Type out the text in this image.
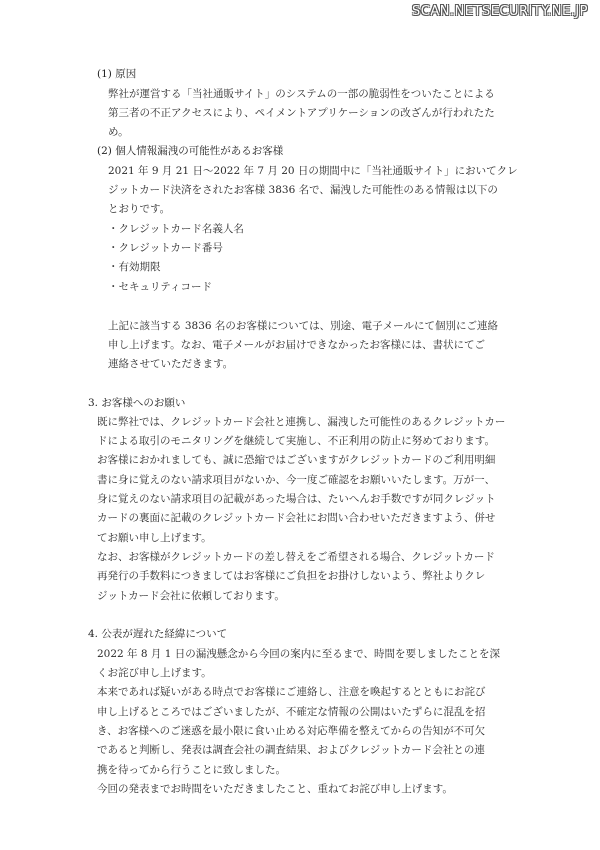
SCAN.NETSECURITY.NE.JP
(1) 原因
弊社が運営する「当社通販サイト」のシステムの一部の脆弱性をついたことによる
第三者の不正アクセスにより、ペイメントアプリケーションの改ざんが行われたた
め。
(2) 個人情報漏洩の可能性があるお客様
2021 年 9 月 21 日～2022 年 7 月 20 日の期間中に「当社通販サイト」においてクレ
ジットカード決済をされたお客様 3836 名で、漏洩した可能性のある情報は以下の
とおりです。
・クレジットカード名義人名
・クレジットカード番号
・有効期限
・セキュリティコード
上記に該当する 3836 名のお客様については、別途、電子メールにて個別にご連絡
申し上げます。なお、電子メールがお届けできなかったお客様には、書状にてご
連絡させていただきます。
3. お客様へのお願い
既に弊社では、クレジットカード会社と連携し、漏洩した可能性のあるクレジットカー
ドによる取引のモニタリングを継続して実施し、不正利用の防止に努めております。
お客様におかれましても、誠に恐縮ではございますがクレジットカードのご利用明細
書に身に覚えのない請求項目がないか、今一度ご確認をお願いいたします。万が一、
身に覚えのない請求項目の記載があった場合は、たいへんお手数ですが同クレジット
カードの裏面に記載のクレジットカード会社にお問い合わせいただきますよう、併せ
てお願い申し上げます。
なお、お客様がクレジットカードの差し替えをご希望される場合、クレジットカード
再発行の手数料につきましてはお客様にご負担をお掛けしないよう、弊社よりクレ
ジットカード会社に依頼しております。
4. 公表が遅れた経緯について
2022 年 8 月 1 日の漏洩懸念から今回の案内に至るまで、時間を要しましたことを深
くお詫び申し上げます。
本来であれば疑いがある時点でお客様にご連絡し、注意を喚起するとともにお詫び
申し上げるところではございましたが、不確定な情報の公開はいたずらに混乱を招
き、お客様へのご迷惑を最小限に食い止める対応準備を整えてからの告知が不可欠
であると判断し、発表は調査会社の調査結果、およびクレジットカード会社との連
携を待ってから行うことに致しました。
今回の発表までお時間をいただきましたこと、重ねてお詫び申し上げます。
